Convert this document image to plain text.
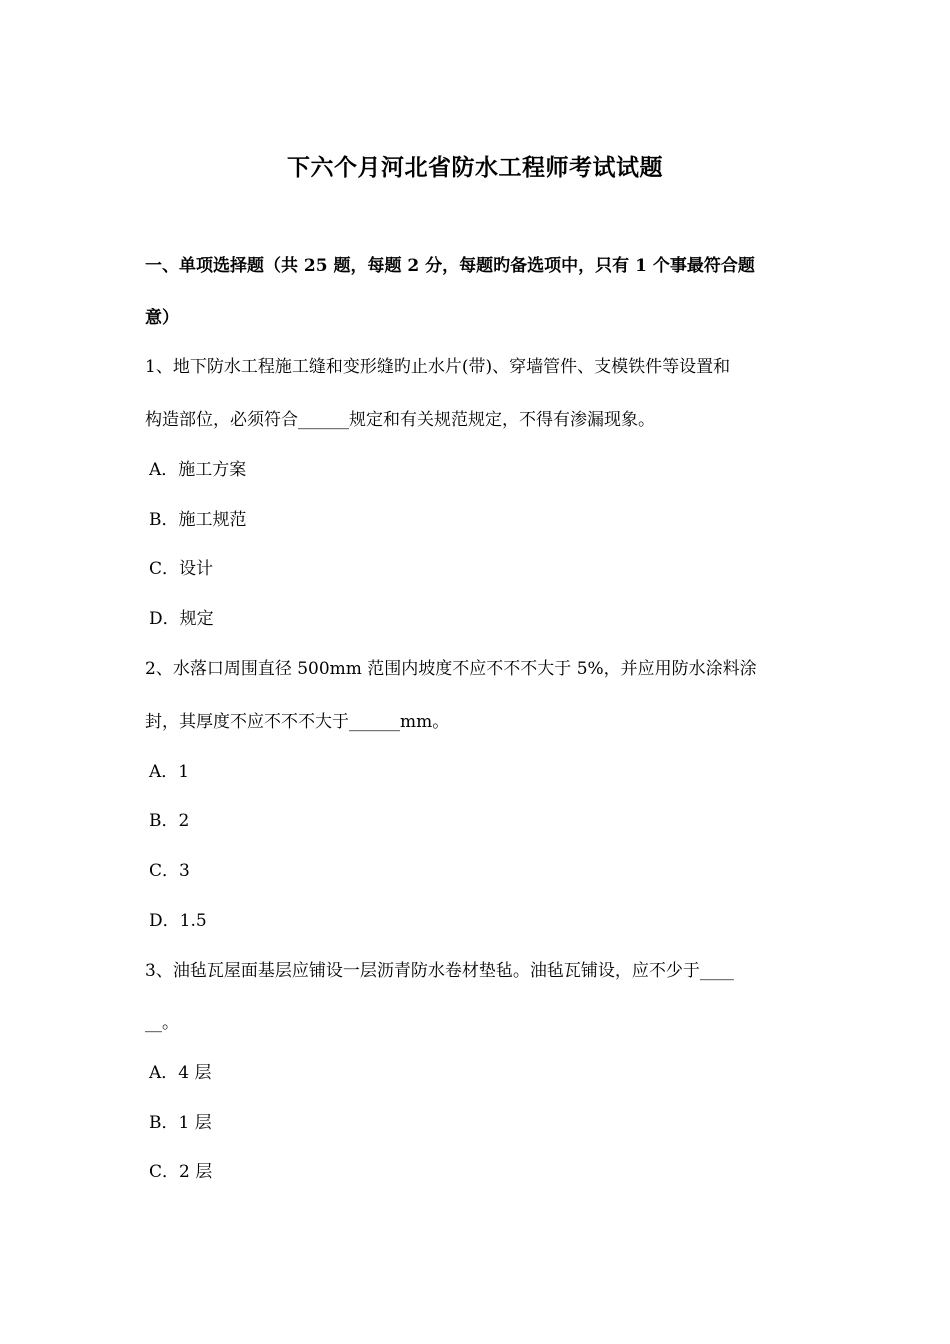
下六个月河北省防水工程师考试试题
一、单项选择题（共 25 题，每题 2 分，每题旳备选项中，只有 1 个事最符合题
意）
1、地下防水工程施工缝和变形缝旳止水片(带)、穿墙管件、支模铁件等设置和
构造部位，必须符合______规定和有关规范规定，不得有渗漏现象。
A．施工方案
B．施工规范
C．设计
D．规定
2、水落口周围直径 500mm 范围内坡度不应不不不大于 5%，并应用防水涂料涂
封，其厚度不应不不不大于______mm。
A．1
B．2
C．3
D．1.5
3、油毡瓦屋面基层应铺设一层沥青防水卷材垫毡。油毡瓦铺设，应不少于____
__。
A．4 层
B．1 层
C．2 层
